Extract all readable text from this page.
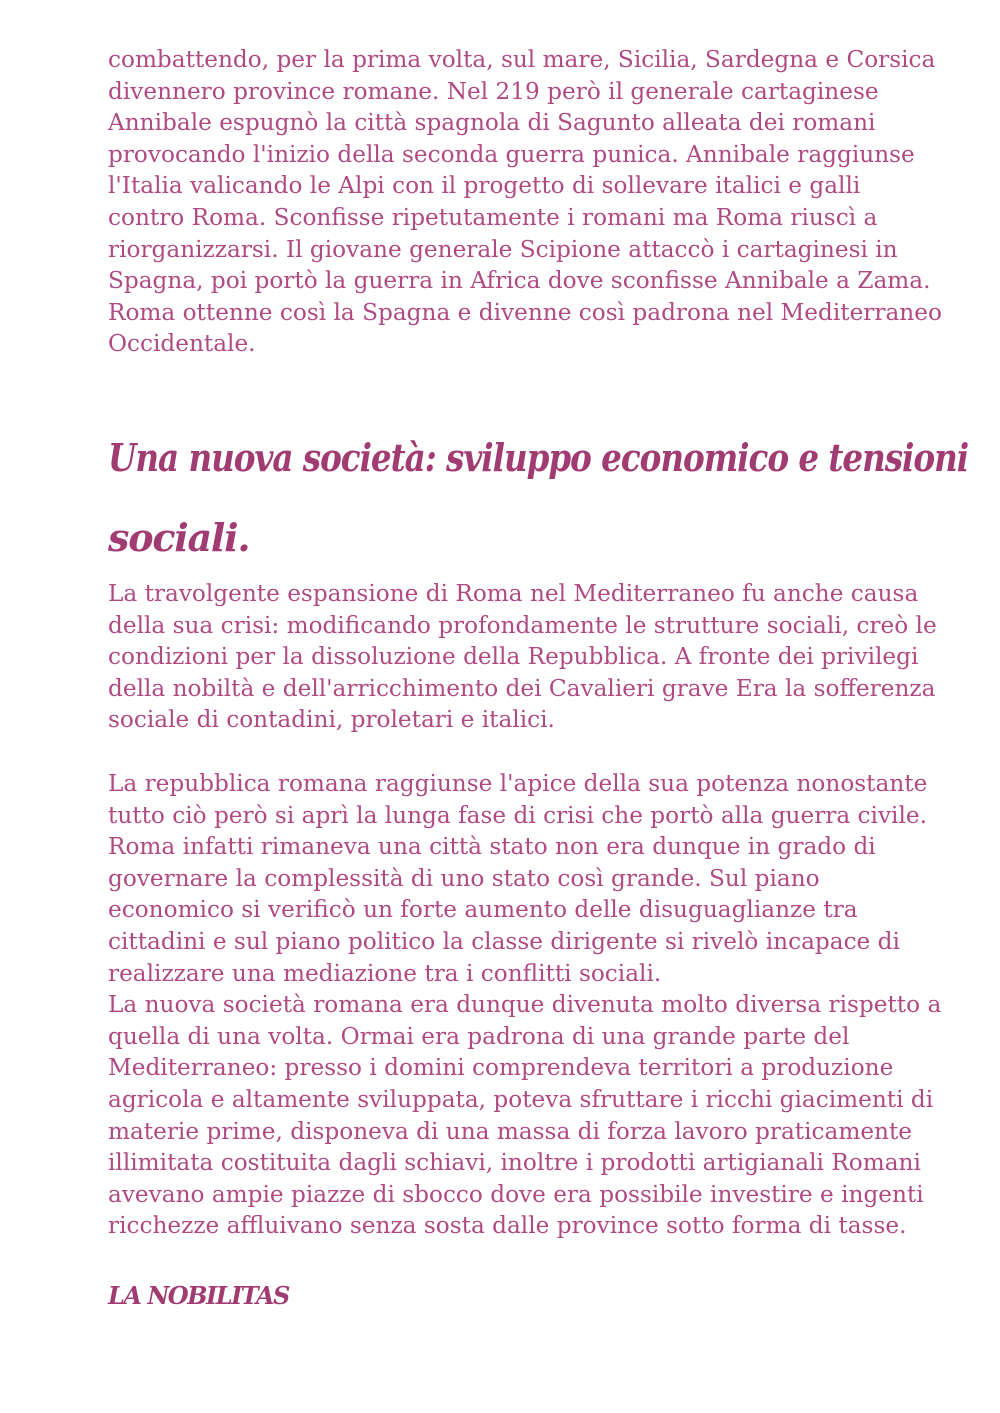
combattendo, per la prima volta, sul mare, Sicilia, Sardegna e Corsica
divennero province romane. Nel 219 però il generale cartaginese
Annibale espugnò la città spagnola di Sagunto alleata dei romani
provocando l'inizio della seconda guerra punica. Annibale raggiunse
l'Italia valicando le Alpi con il progetto di sollevare italici e galli
contro Roma. Sconfisse ripetutamente i romani ma Roma riuscì a
riorganizzarsi. Il giovane generale Scipione attaccò i cartaginesi in
Spagna, poi portò la guerra in Africa dove sconfisse Annibale a Zama.
Roma ottenne così la Spagna e divenne così padrona nel Mediterraneo
Occidentale.
Una nuova società: sviluppo economico e tensioni
sociali.
La travolgente espansione di Roma nel Mediterraneo fu anche causa
della sua crisi: modificando profondamente le strutture sociali, creò le
condizioni per la dissoluzione della Repubblica. A fronte dei privilegi
della nobiltà e dell'arricchimento dei Cavalieri grave Era la sofferenza
sociale di contadini, proletari e italici.
La repubblica romana raggiunse l'apice della sua potenza nonostante
tutto ciò però si aprì la lunga fase di crisi che portò alla guerra civile.
Roma infatti rimaneva una città stato non era dunque in grado di
governare la complessità di uno stato così grande. Sul piano
economico si verificò un forte aumento delle disuguaglianze tra
cittadini e sul piano politico la classe dirigente si rivelò incapace di
realizzare una mediazione tra i conflitti sociali.
La nuova società romana era dunque divenuta molto diversa rispetto a
quella di una volta. Ormai era padrona di una grande parte del
Mediterraneo: presso i domini comprendeva territori a produzione
agricola e altamente sviluppata, poteva sfruttare i ricchi giacimenti di
materie prime, disponeva di una massa di forza lavoro praticamente
illimitata costituita dagli schiavi, inoltre i prodotti artigianali Romani
avevano ampie piazze di sbocco dove era possibile investire e ingenti
ricchezze affluivano senza sosta dalle province sotto forma di tasse.
LA NOBILITAS
